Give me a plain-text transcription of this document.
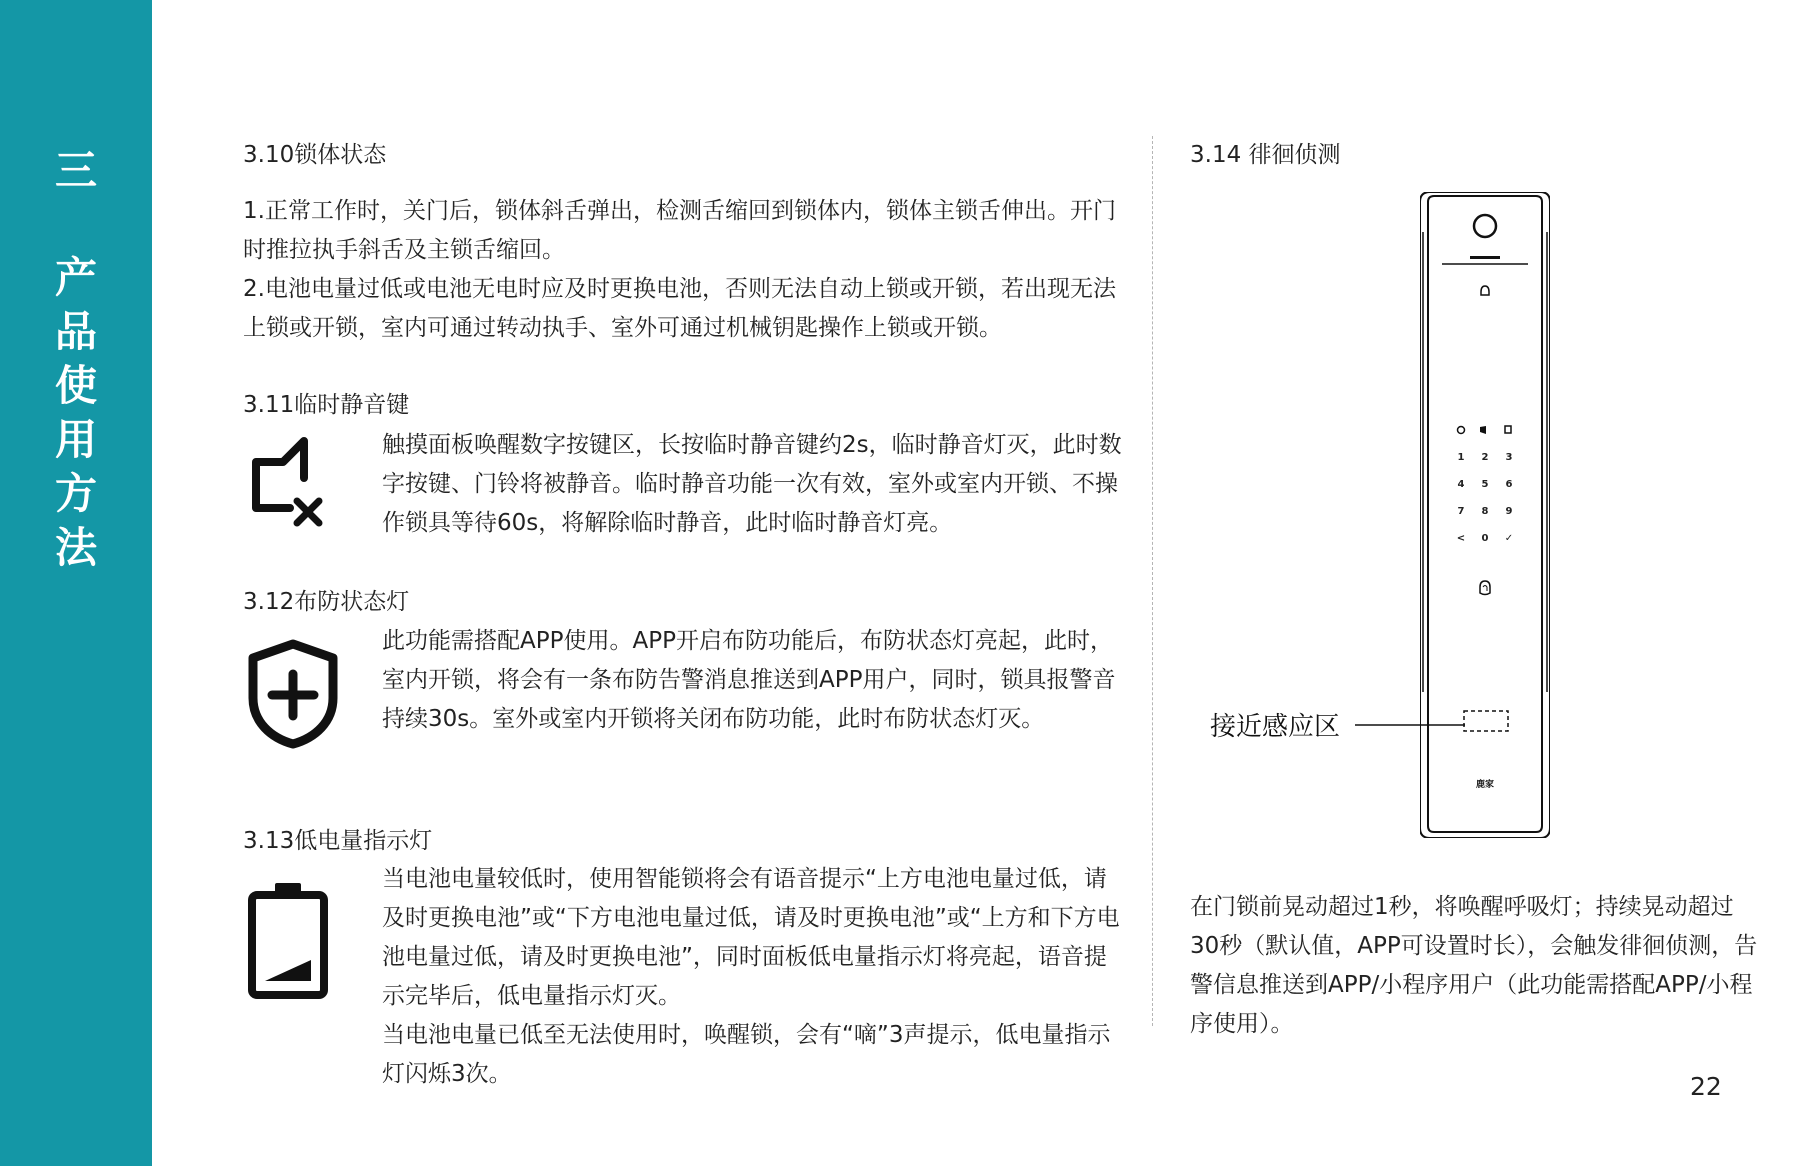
三
产
品
使
用
方
法
3.10锁体状态

1.正常工作时，关门后，锁体斜舌弹出，检测舌缩回到锁体内，锁体主锁舌伸出。开门时推拉执手斜舌及主锁舌缩回。

2.电池电量过低或电池无电时应及时更换电池，否则无法自动上锁或开锁，若出现无法上锁或开锁，室内可通过转动执手、室外可通过机械钥匙操作上锁或开锁。

3.11临时静音键

触摸面板唤醒数字按键区，长按临时静音键约2s，临时静音灯灭，此时数字按键、门铃将被静音。临时静音功能一次有效，室外或室内开锁、不操作锁具等待60s，将解除临时静音，此时临时静音灯亮。

3.12布防状态灯

此功能需搭配APP使用。APP开启布防功能后，布防状态灯亮起，此时，室内开锁，将会有一条布防告警消息推送到APP用户，同时，锁具报警音持续30s。室外或室内开锁将关闭布防功能，此时布防状态灯灭。

3.13低电量指示灯

当电池电量较低时，使用智能锁将会有语音提示“上方电池电量过低，请及时更换电池”或“下方电池电量过低，请及时更换电池”或“上方和下方电池电量过低，请及时更换电池”，同时面板低电量指示灯将亮起，语音提示完毕后，低电量指示灯灭。

当电池电量已低至无法使用时，唤醒锁，会有“嘀”3声提示，低电量指示灯闪烁3次。

3.14 徘徊侦测
1 2 3
4 5 6
7 8 9
< 0 ✓
鹿家
接近感应区

在门锁前晃动超过1秒，将唤醒呼吸灯；持续晃动超过30秒（默认值，APP可设置时长），会触发徘徊侦测，告警信息推送到APP/小程序用户（此功能需搭配APP/小程序使用）。

22
